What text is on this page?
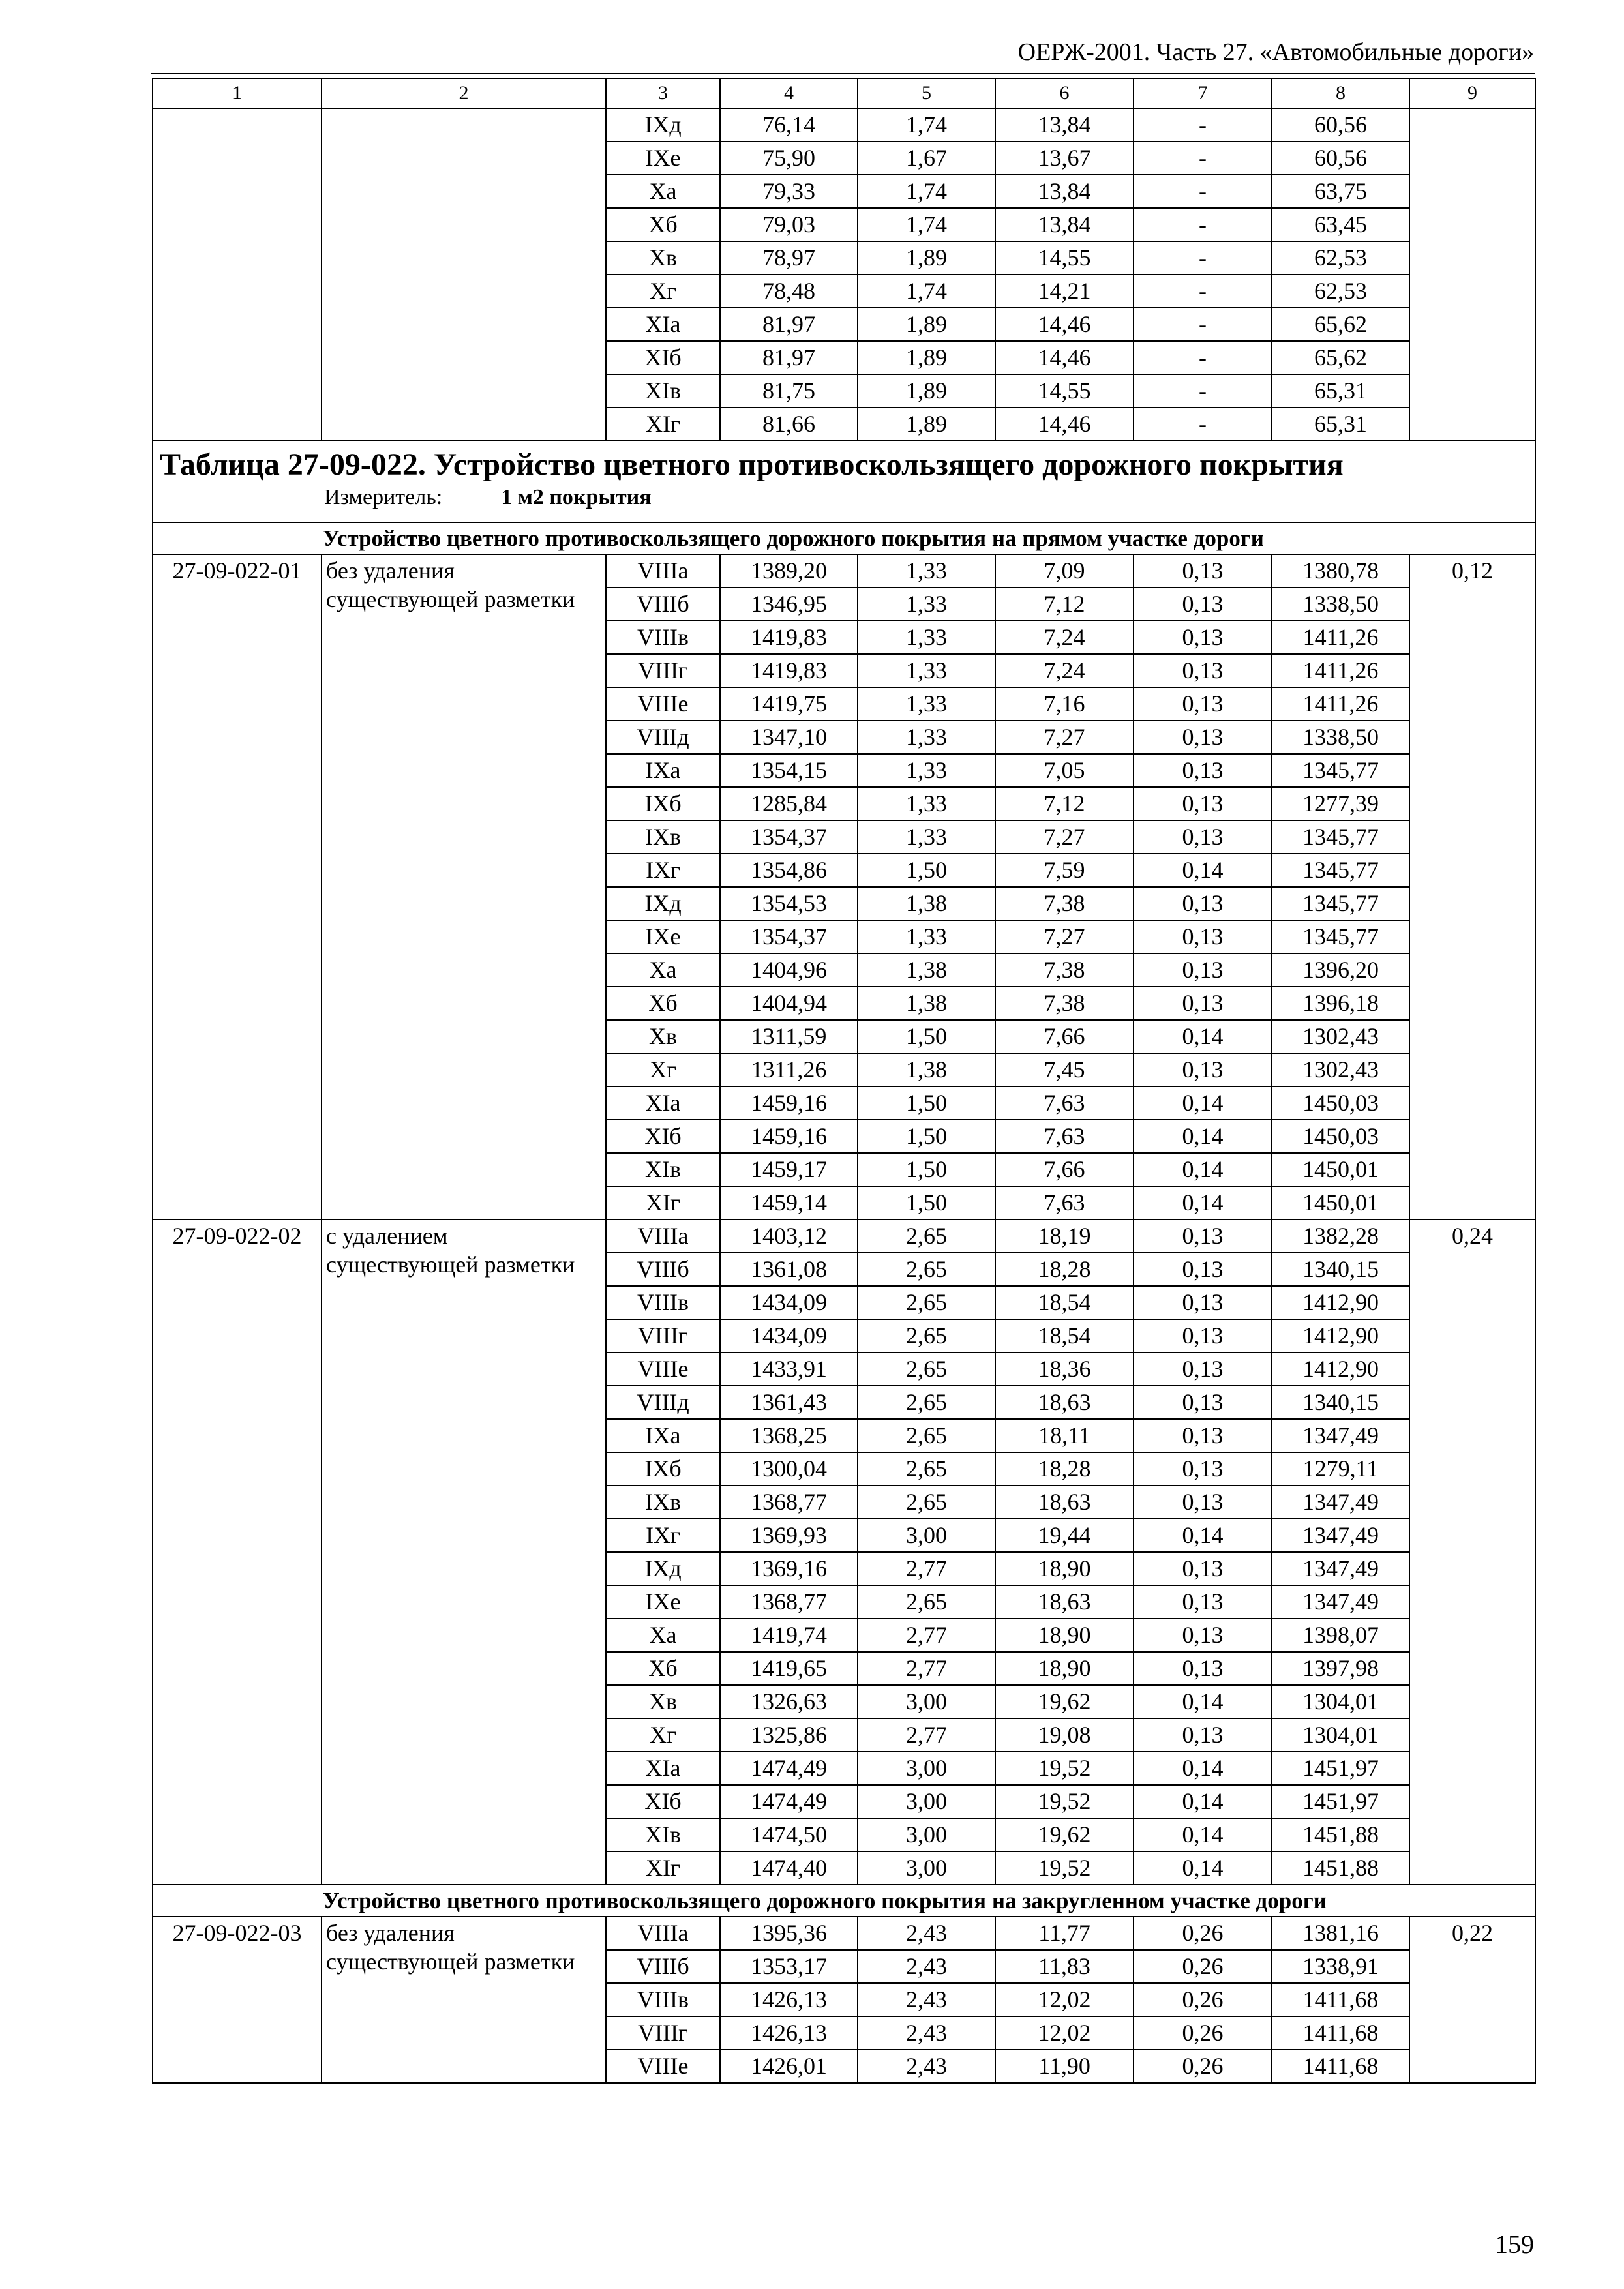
ОЕРЖ-2001. Часть 27. «Автомобильные дороги»
1	2	3	4	5	6	7	8	9
		IXд	76,14	1,74	13,84	-	60,56	
		IXе	75,90	1,67	13,67	-	60,56	
		Xа	79,33	1,74	13,84	-	63,75	
		Xб	79,03	1,74	13,84	-	63,45	
		Xв	78,97	1,89	14,55	-	62,53	
		Xг	78,48	1,74	14,21	-	62,53	
		XIа	81,97	1,89	14,46	-	65,62	
		XIб	81,97	1,89	14,46	-	65,62	
		XIв	81,75	1,89	14,55	-	65,31	
		XIг	81,66	1,89	14,46	-	65,31	

Таблица 27-09-022. Устройство цветного противоскользящего дорожного покрытия
Измеритель: 1 м2 покрытия								

Устройство цветного противоскользящего дорожного покрытия на прямом участке дороги								
27-09-022-01	без удаления существующей разметки	VIIIа	1389,20	1,33	7,09	0,13	1380,78	0,12
		VIIIб	1346,95	1,33	7,12	0,13	1338,50	
		VIIIв	1419,83	1,33	7,24	0,13	1411,26	
		VIIIг	1419,83	1,33	7,24	0,13	1411,26	
		VIIIе	1419,75	1,33	7,16	0,13	1411,26	
		VIIIд	1347,10	1,33	7,27	0,13	1338,50	
		IXа	1354,15	1,33	7,05	0,13	1345,77	
		IXб	1285,84	1,33	7,12	0,13	1277,39	
		IXв	1354,37	1,33	7,27	0,13	1345,77	
		IXг	1354,86	1,50	7,59	0,14	1345,77	
		IXд	1354,53	1,38	7,38	0,13	1345,77	
		IXе	1354,37	1,33	7,27	0,13	1345,77	
		Xа	1404,96	1,38	7,38	0,13	1396,20	
		Xб	1404,94	1,38	7,38	0,13	1396,18	
		Xв	1311,59	1,50	7,66	0,14	1302,43	
		Xг	1311,26	1,38	7,45	0,13	1302,43	
		XIа	1459,16	1,50	7,63	0,14	1450,03	
		XIб	1459,16	1,50	7,63	0,14	1450,03	
		XIв	1459,17	1,50	7,66	0,14	1450,01	
		XIг	1459,14	1,50	7,63	0,14	1450,01	
27-09-022-02	с удалением существующей разметки	VIIIа	1403,12	2,65	18,19	0,13	1382,28	0,24
		VIIIб	1361,08	2,65	18,28	0,13	1340,15	
		VIIIв	1434,09	2,65	18,54	0,13	1412,90	
		VIIIг	1434,09	2,65	18,54	0,13	1412,90	
		VIIIе	1433,91	2,65	18,36	0,13	1412,90	
		VIIIд	1361,43	2,65	18,63	0,13	1340,15	
		IXа	1368,25	2,65	18,11	0,13	1347,49	
		IXб	1300,04	2,65	18,28	0,13	1279,11	
		IXв	1368,77	2,65	18,63	0,13	1347,49	
		IXг	1369,93	3,00	19,44	0,14	1347,49	
		IXд	1369,16	2,77	18,90	0,13	1347,49	
		IXе	1368,77	2,65	18,63	0,13	1347,49	
		Xа	1419,74	2,77	18,90	0,13	1398,07	
		Xб	1419,65	2,77	18,90	0,13	1397,98	
		Xв	1326,63	3,00	19,62	0,14	1304,01	
		Xг	1325,86	2,77	19,08	0,13	1304,01	
		XIа	1474,49	3,00	19,52	0,14	1451,97	
		XIб	1474,49	3,00	19,52	0,14	1451,97	
		XIв	1474,50	3,00	19,62	0,14	1451,88	
		XIг	1474,40	3,00	19,52	0,14	1451,88	
Устройство цветного противоскользящего дорожного покрытия на закругленном участке дороги								
27-09-022-03	без удаления существующей разметки	VIIIа	1395,36	2,43	11,77	0,26	1381,16	0,22
		VIIIб	1353,17	2,43	11,83	0,26	1338,91	
		VIIIв	1426,13	2,43	12,02	0,26	1411,68	
		VIIIг	1426,13	2,43	12,02	0,26	1411,68	
		VIIIе	1426,01	2,43	11,90	0,26	1411,68	
159
